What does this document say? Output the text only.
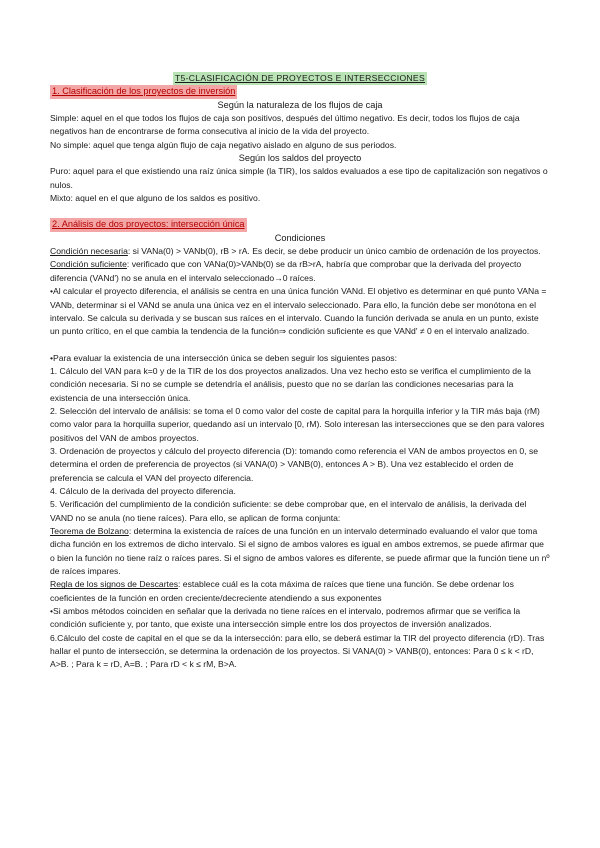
T5-CLASIFICACIÓN DE PROYECTOS E INTERSECCIONES
1. Clasificación de los proyectos de inversión

Según la naturaleza de los flujos de caja

Simple: aquel en el que todos los flujos de caja son positivos, después del último negativo. Es decir, todos los flujos de caja negativos han de encontrarse de forma consecutiva al inicio de la vida del proyecto.

No simple: aquel que tenga algún flujo de caja negativo aislado en alguno de sus periodos.

Según los saldos del proyecto

Puro: aquel para el que existiendo una raíz única simple (la TIR), los saldos evaluados a ese tipo de capitalización son negativos o nulos.

Mixto: aquel en el que alguno de los saldos es positivo.

2. Análisis de dos proyectos: intersección única

Condiciones

Condición necesaria: si VANa(0) > VANb(0), rB > rA. Es decir, se debe producir un único cambio de ordenación de los proyectos.

Condición suficiente: verificado que con VANa(0)>VANb(0) se da rB>rA, habría que comprobar que la derivada del proyecto diferencia (VANd') no se anula en el intervalo seleccionado→0 raíces.

•Al calcular el proyecto diferencia, el análisis se centra en una única función VANd. El objetivo es determinar en qué punto VANa = VANb, determinar si el VANd se anula una única vez en el intervalo seleccionado. Para ello, la función debe ser monótona en el intervalo. Se calcula su derivada y se buscan sus raíces en el intervalo. Cuando la función derivada se anula en un punto, existe un punto crítico, en el que cambia la tendencia de la función⇒ condición suficiente es que VANd' ≠ 0 en el intervalo analizado.

•Para evaluar la existencia de una intersección única se deben seguir los siguientes pasos:

1. Cálculo del VAN para k=0 y de la TIR de los dos proyectos analizados. Una vez hecho esto se verifica el cumplimiento de la condición necesaria. Si no se cumple se detendría el análisis, puesto que no se darían las condiciones necesarias para la existencia de una intersección única.

2. Selección del intervalo de análisis: se toma el 0 como valor del coste de capital para la horquilla inferior y la TIR más baja (rM) como valor para la horquilla superior, quedando así un intervalo [0, rM). Solo interesan las intersecciones que se den para valores positivos del VAN de ambos proyectos.

3. Ordenación de proyectos y cálculo del proyecto diferencia (D): tomando como referencia el VAN de ambos proyectos en 0, se determina el orden de preferencia de proyectos (si VANA(0) > VANB(0), entonces A > B). Una vez establecido el orden de preferencia se calcula el VAN del proyecto diferencia.

4. Cálculo de la derivada del proyecto diferencia.

5. Verificación del cumplimiento de la condición suficiente: se debe comprobar que, en el intervalo de análisis, la derivada del VAND no se anula (no tiene raíces). Para ello, se aplican de forma conjunta:

Teorema de Bolzano: determina la existencia de raíces de una función en un intervalo determinado evaluando el valor que toma dicha función en los extremos de dicho intervalo. Si el signo de ambos valores es igual en ambos extremos, se puede afirmar que o bien la función no tiene raíz o raíces pares. Si el signo de ambos valores es diferente, se puede afirmar que la función tiene un nº de raíces impares.

Regla de los signos de Descartes: establece cuál es la cota máxima de raíces que tiene una función. Se debe ordenar los coeficientes de la función en orden creciente/decreciente atendiendo a sus exponentes

•Si ambos métodos coinciden en señalar que la derivada no tiene raíces en el intervalo, podremos afirmar que se verifica la condición suficiente y, por tanto, que existe una intersección simple entre los dos proyectos de inversión analizados.

6.Cálculo del coste de capital en el que se da la intersección: para ello, se deberá estimar la TIR del proyecto diferencia (rD). Tras hallar el punto de intersección, se determina la ordenación de los proyectos. Si VANA(0) > VANB(0), entonces: Para 0 ≤ k < rD, A>B. ; Para k = rD, A=B. ; Para rD < k ≤ rM, B>A.
